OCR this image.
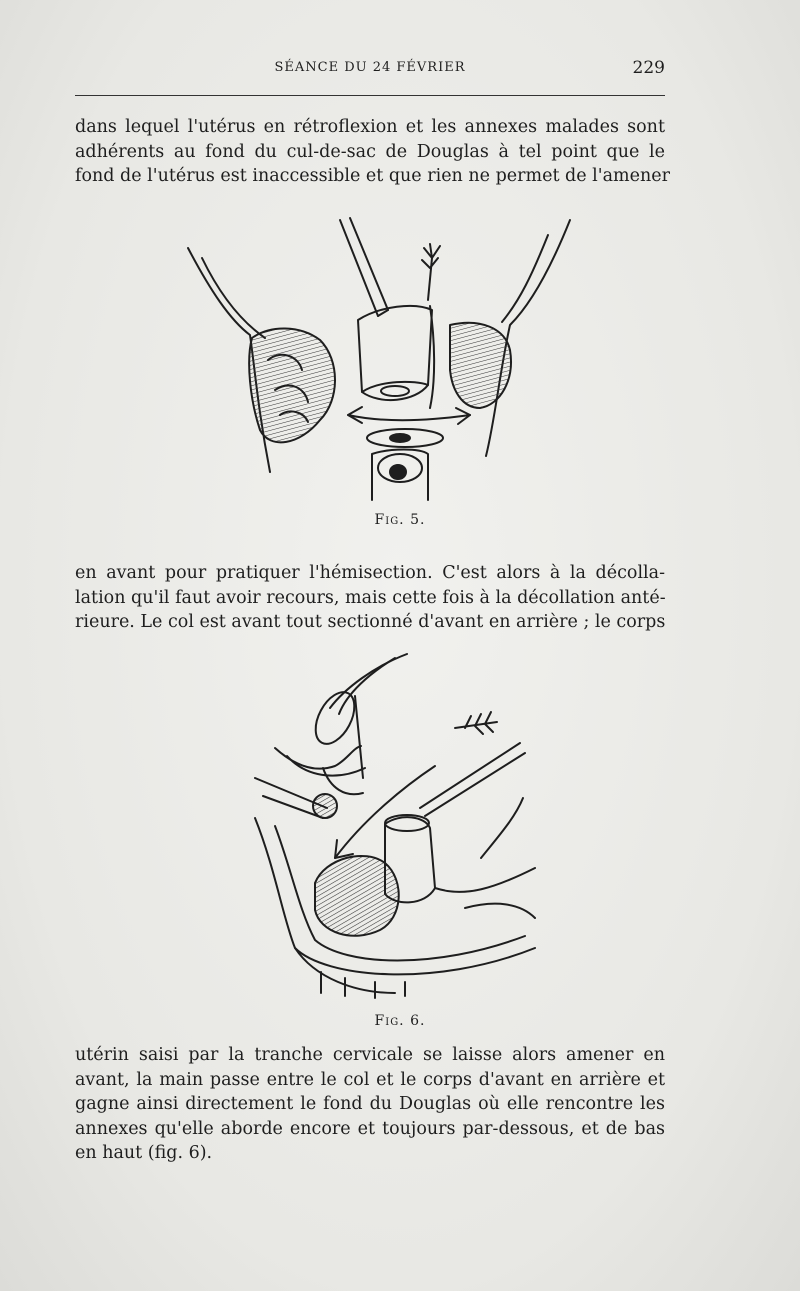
SÉANCE DU 24 FÉVRIER	229

dans lequel l'utérus en rétroflexion et les annexes malades sont
adhérents au fond du cul-de-sac de Douglas à tel point que le
fond de l'utérus est inaccessible et que rien ne permet de l'amener

Fig. 5.

en avant pour pratiquer l'hémisection. C'est alors à la décolla-
lation qu'il faut avoir recours, mais cette fois à la décollation anté-
rieure. Le col est avant tout sectionné d'avant en arrière ; le corps

Fig. 6.

utérin saisi par la tranche cervicale se laisse alors amener en
avant, la main passe entre le col et le corps d'avant en arrière et
gagne ainsi directement le fond du Douglas où elle rencontre les
annexes qu'elle aborde encore et toujours par-dessous, et de bas
en haut (fig. 6).
